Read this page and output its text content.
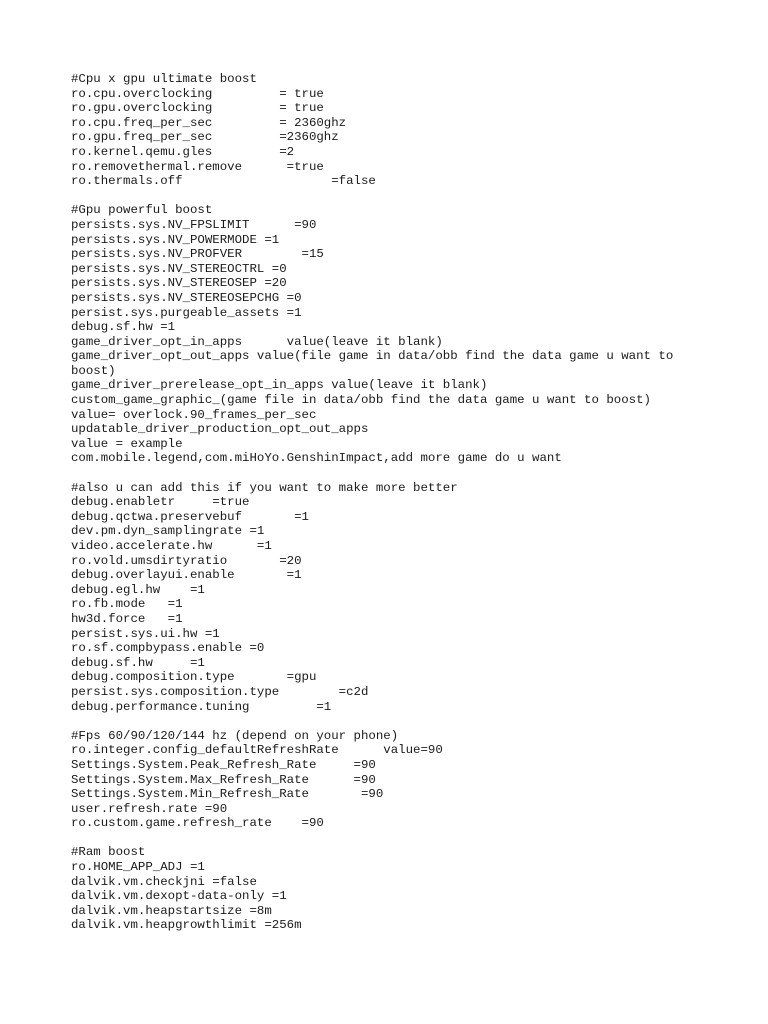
#Cpu x gpu ultimate boost
ro.cpu.overclocking         = true
ro.gpu.overclocking         = true
ro.cpu.freq_per_sec         = 2360ghz
ro.gpu.freq_per_sec         =2360ghz
ro.kernel.qemu.gles         =2
ro.removethermal.remove      =true
ro.thermals.off                    =false
#Gpu powerful boost
persists.sys.NV_FPSLIMIT      =90
persists.sys.NV_POWERMODE =1
persists.sys.NV_PROFVER        =15
persists.sys.NV_STEREOCTRL =0
persists.sys.NV_STEREOSEP =20
persists.sys.NV_STEREOSEPCHG =0
persist.sys.purgeable_assets =1
debug.sf.hw =1
game_driver_opt_in_apps      value(leave it blank)
game_driver_opt_out_apps value(file game in data/obb find the data game u want to
boost)
game_driver_prerelease_opt_in_apps value(leave it blank)
custom_game_graphic_(game file in data/obb find the data game u want to boost)
value= overlock.90_frames_per_sec
updatable_driver_production_opt_out_apps
value = example
com.mobile.legend,com.miHoYo.GenshinImpact,add more game do u want
#also u can add this if you want to make more better
debug.enabletr     =true
debug.qctwa.preservebuf       =1
dev.pm.dyn_samplingrate =1
video.accelerate.hw      =1
ro.vold.umsdirtyratio       =20
debug.overlayui.enable       =1
debug.egl.hw    =1
ro.fb.mode   =1
hw3d.force   =1
persist.sys.ui.hw =1
ro.sf.compbypass.enable =0
debug.sf.hw     =1
debug.composition.type       =gpu
persist.sys.composition.type        =c2d
debug.performance.tuning         =1
#Fps 60/90/120/144 hz (depend on your phone)
ro.integer.config_defaultRefreshRate      value=90
Settings.System.Peak_Refresh_Rate     =90
Settings.System.Max_Refresh_Rate      =90
Settings.System.Min_Refresh_Rate       =90
user.refresh.rate =90
ro.custom.game.refresh_rate    =90
#Ram boost
ro.HOME_APP_ADJ =1
dalvik.vm.checkjni =false
dalvik.vm.dexopt-data-only =1
dalvik.vm.heapstartsize =8m
dalvik.vm.heapgrowthlimit =256m
